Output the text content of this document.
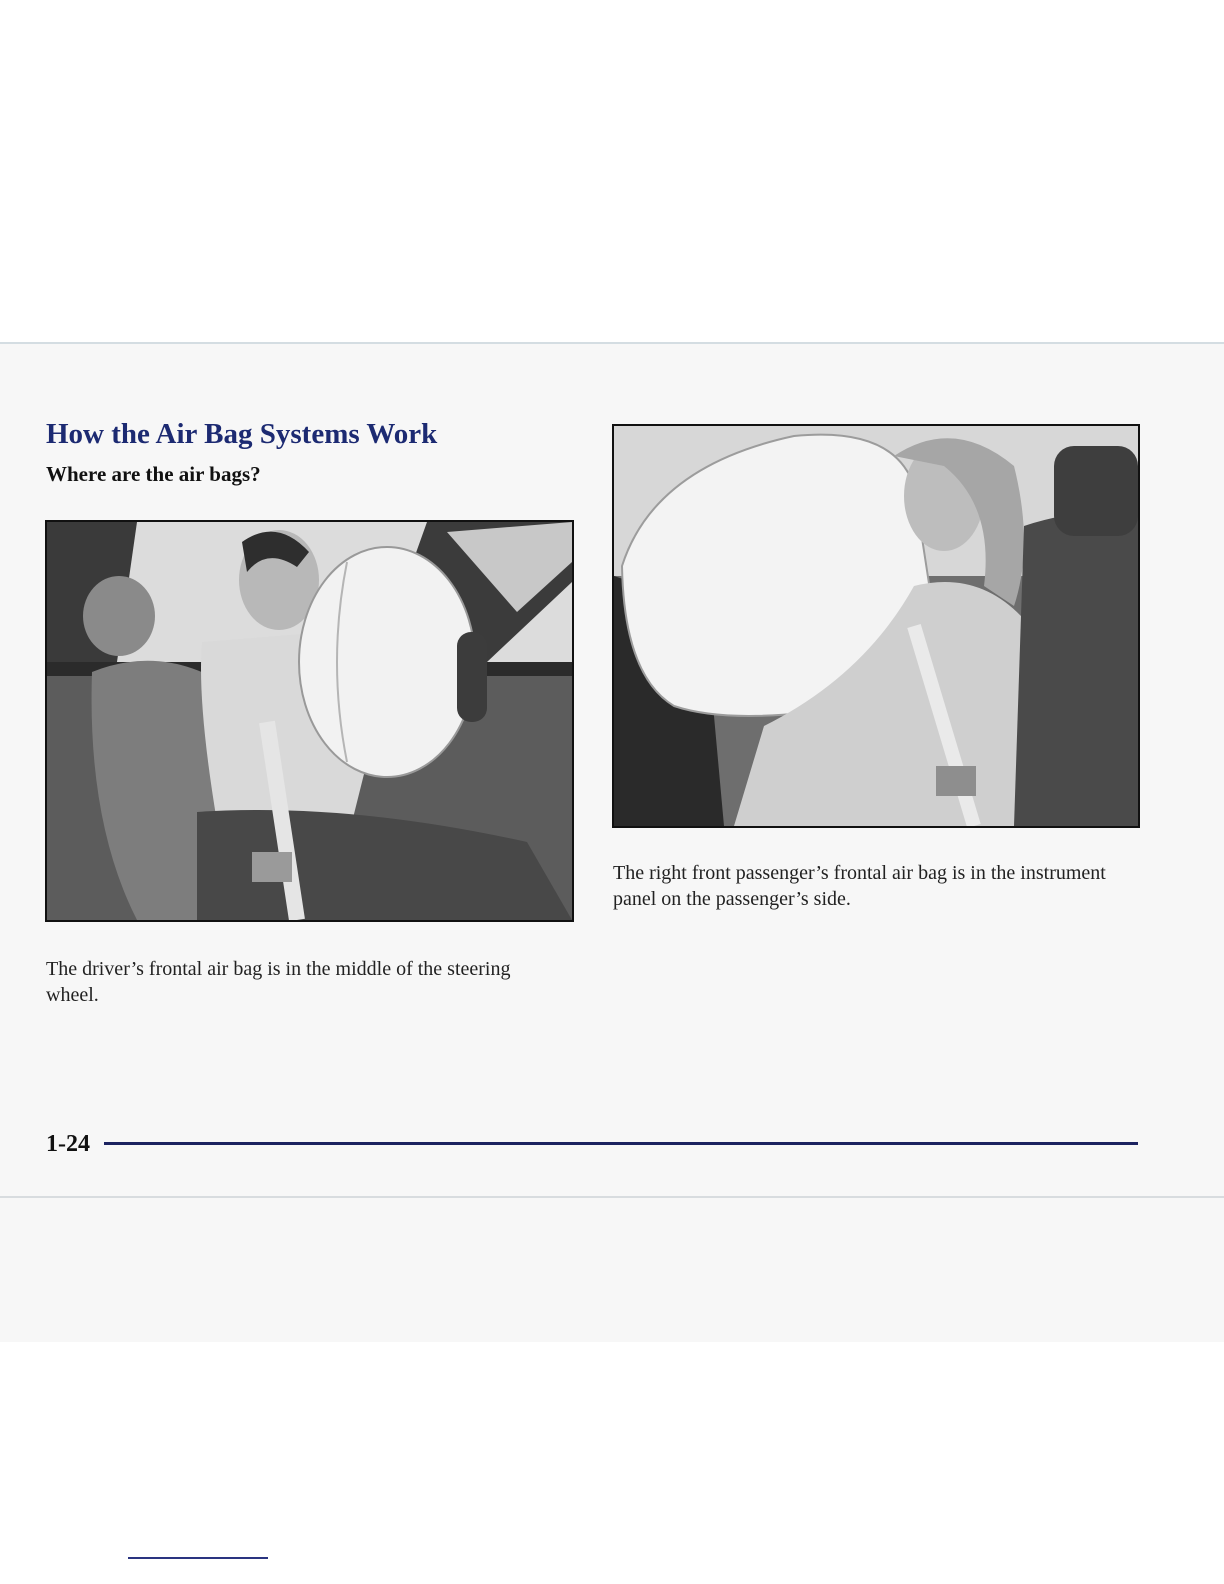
How the Air Bag Systems Work
Where are the air bags?

The right front passenger’s frontal air bag is in the instrument panel on the passenger’s side.

The driver’s frontal air bag is in the middle of the steering wheel.

1-24
